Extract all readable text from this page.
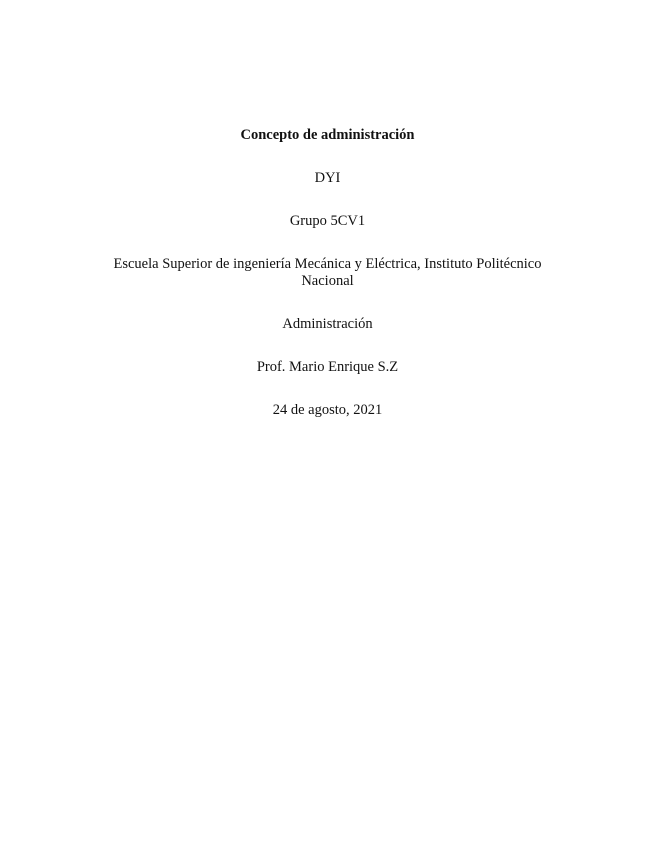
Concepto de administración
DYI
Grupo 5CV1
Escuela Superior de ingeniería Mecánica y Eléctrica, Instituto Politécnico Nacional
Administración
Prof. Mario Enrique S.Z
24 de agosto, 2021
